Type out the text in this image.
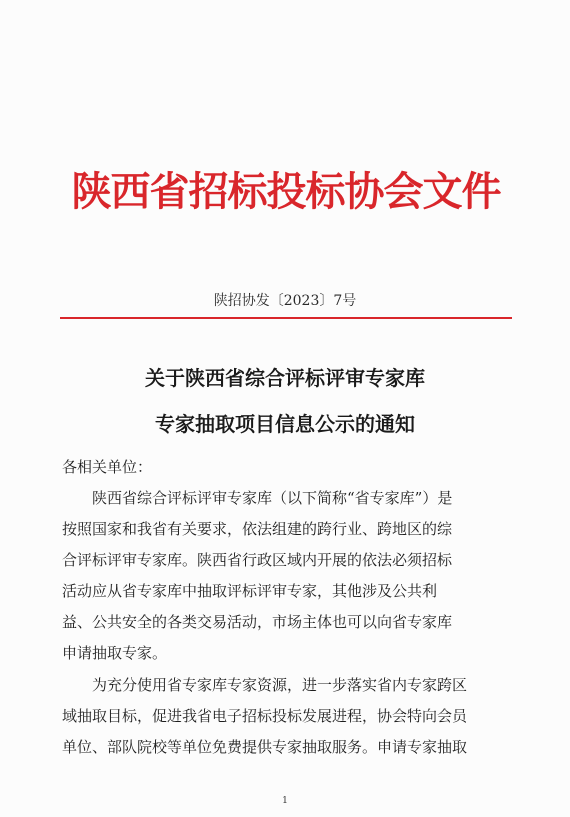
陕西省招标投标协会文件
陕招协发〔2023〕7号
关于陕西省综合评标评审专家库
专家抽取项目信息公示的通知
各相关单位：
　　陕西省综合评标评审专家库（以下简称“省专家库”）是
按照国家和我省有关要求，依法组建的跨行业、跨地区的综
合评标评审专家库。陕西省行政区域内开展的依法必须招标
活动应从省专家库中抽取评标评审专家，其他涉及公共利
益、公共安全的各类交易活动，市场主体也可以向省专家库
申请抽取专家。
　　为充分使用省专家库专家资源，进一步落实省内专家跨区
域抽取目标，促进我省电子招标投标发展进程，协会特向会员
单位、部队院校等单位免费提供专家抽取服务。申请专家抽取
1
